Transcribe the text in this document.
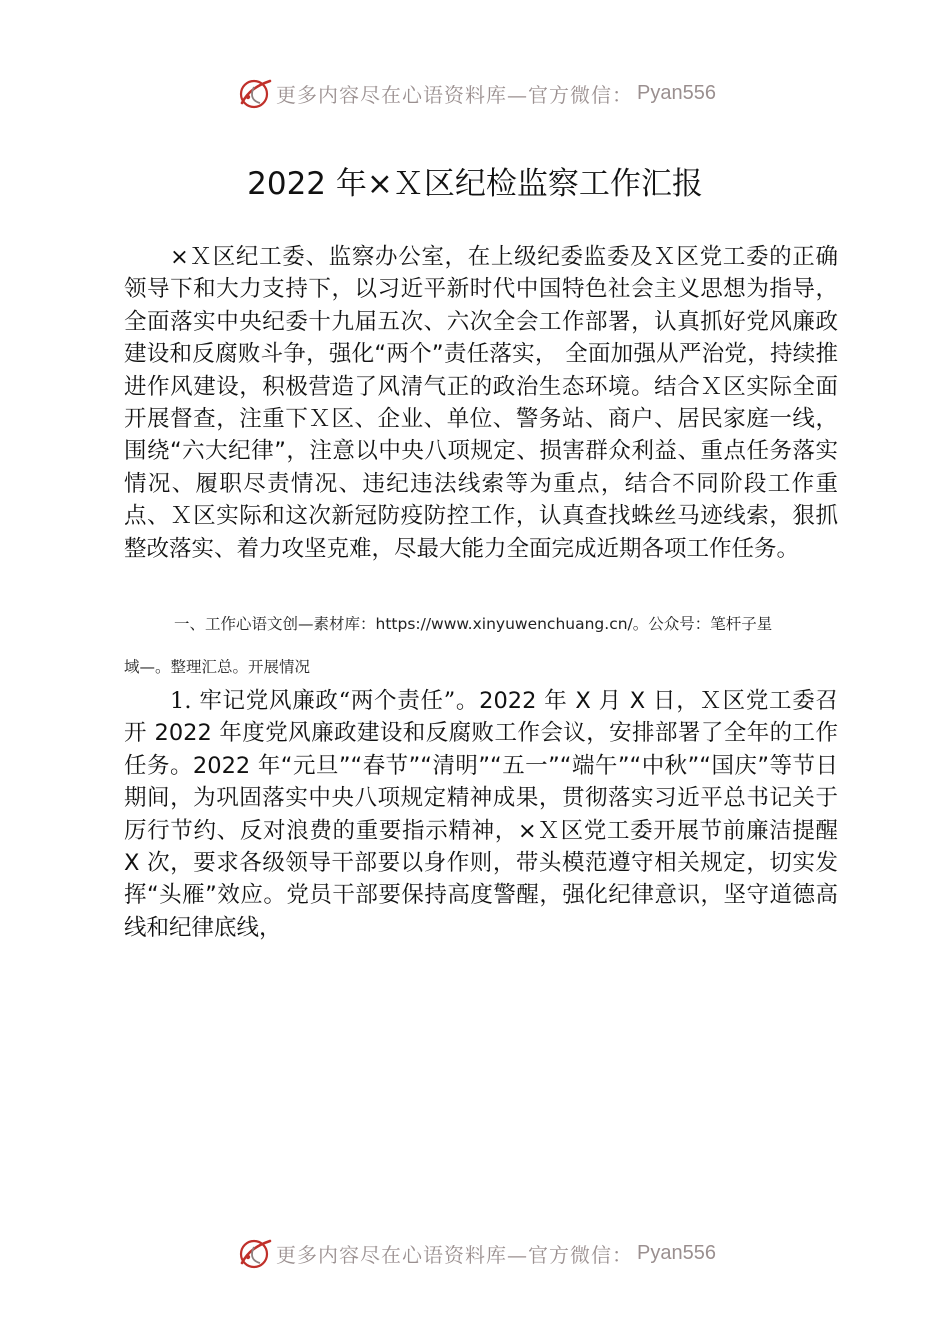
更多内容尽在心语资料库—官方微信： Pyan556
2022 年×Ｘ区纪检监察工作汇报
×Ｘ区纪工委、监察办公室，在上级纪委监委及Ｘ区党工委的正确领导下和大力支持下，以习近平新时代中国特色社会主义思想为指导，全面落实中央纪委十九届五次、六次全会工作部署，认真抓好党风廉政建设和反腐败斗争，强化“两个”责任落实， 全面加强从严治党，持续推进作风建设，积极营造了风清气正的政治生态环境。结合Ｘ区实际全面开展督查，注重下Ｘ区、企业、单位、警务站、商户、居民家庭一线，围绕“六大纪律”，注意以中央八项规定、损害群众利益、重点任务落实情况、履职尽责情况、违纪违法线索等为重点，结合不同阶段工作重点、Ｘ区实际和这次新冠防疫防控工作，认真查找蛛丝马迹线索，狠抓整改落实、着力攻坚克难，尽最大能力全面完成近期各项工作任务。
一、工作心语文创—素材库：https://www.xinyuwenchuang.cn/。公众号：笔杆子星
域—。整理汇总。开展情况
1. 牢记党风廉政“两个责任”。2022 年 X 月 X 日，Ｘ区党工委召开 2022 年度党风廉政建设和反腐败工作会议，安排部署了全年的工作任务。2022 年“元旦”“春节”“清明”“五一”“端午”“中秋”“国庆”等节日期间，为巩固落实中央八项规定精神成果，贯彻落实习近平总书记关于厉行节约、反对浪费的重要指示精神，×Ｘ区党工委开展节前廉洁提醒 X 次，要求各级领导干部要以身作则，带头模范遵守相关规定，切实发挥“头雁”效应。党员干部要保持高度警醒，强化纪律意识，坚守道德高线和纪律底线，
更多内容尽在心语资料库—官方微信： Pyan556
